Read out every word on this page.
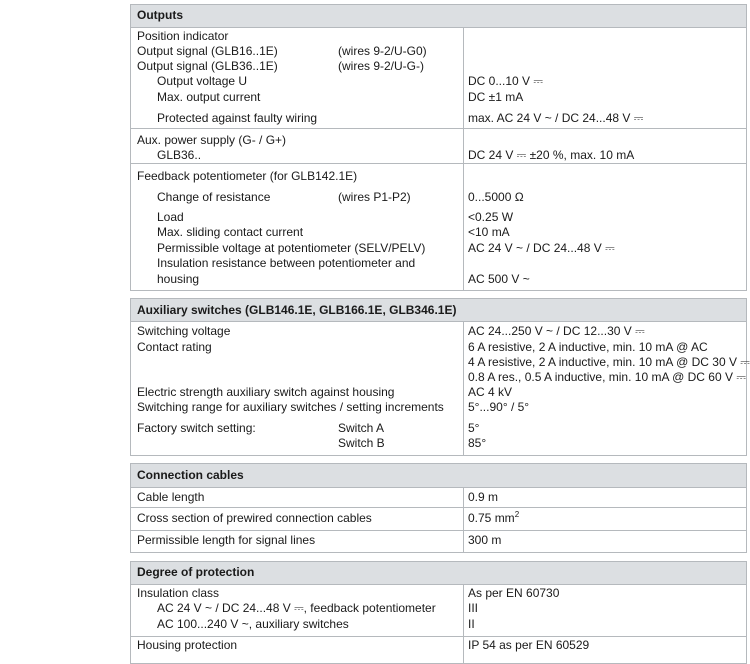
Outputs
Position indicator
Output signal (GLB16..1E)	(wires 9-2/U-G0)
Output signal (GLB36..1E)	(wires 9-2/U-G-)
Output voltage U	DC 0...10 V ⎓
Max. output current	DC ±1 mA
Protected against faulty wiring	max. AC 24 V ~ / DC 24...48 V ⎓
Aux. power supply (G- / G+)
GLB36..	DC 24 V ⎓ ±20 %, max. 10 mA
Feedback potentiometer (for GLB142.1E)
Change of resistance	(wires P1-P2)	0...5000 Ω
Load	<0.25 W
Max. sliding contact current	<10 mA
Permissible voltage at potentiometer (SELV/PELV)	AC 24 V ~ / DC 24...48 V ⎓
Insulation resistance between potentiometer and
housing	AC 500 V ~
Auxiliary switches (GLB146.1E, GLB166.1E, GLB346.1E)
Switching voltage	AC 24...250 V ~ / DC 12...30 V ⎓
Contact rating	6 A resistive, 2 A inductive, min. 10 mA @ AC
4 A resistive, 2 A inductive, min. 10 mA @ DC 30 V ⎓
0.8 A res., 0.5 A inductive, min. 10 mA @ DC 60 V ⎓
Electric strength auxiliary switch against housing	AC 4 kV
Switching range for auxiliary switches / setting increments 5°...90° / 5°
Factory switch setting:	Switch A	5°
Switch B	85°
Connection cables
Cable length	0.9 m
Cross section of prewired connection cables	0.75 $mm^2$
Permissible length for signal lines	300 m
Degree of protection
Insulation class	As per EN 60730
AC 24 V ~ / DC 24...48 V ⎓, feedback potentiometer	III
AC 100...240 V ~, auxiliary switches	II
Housing protection	IP 54 as per EN 60529
